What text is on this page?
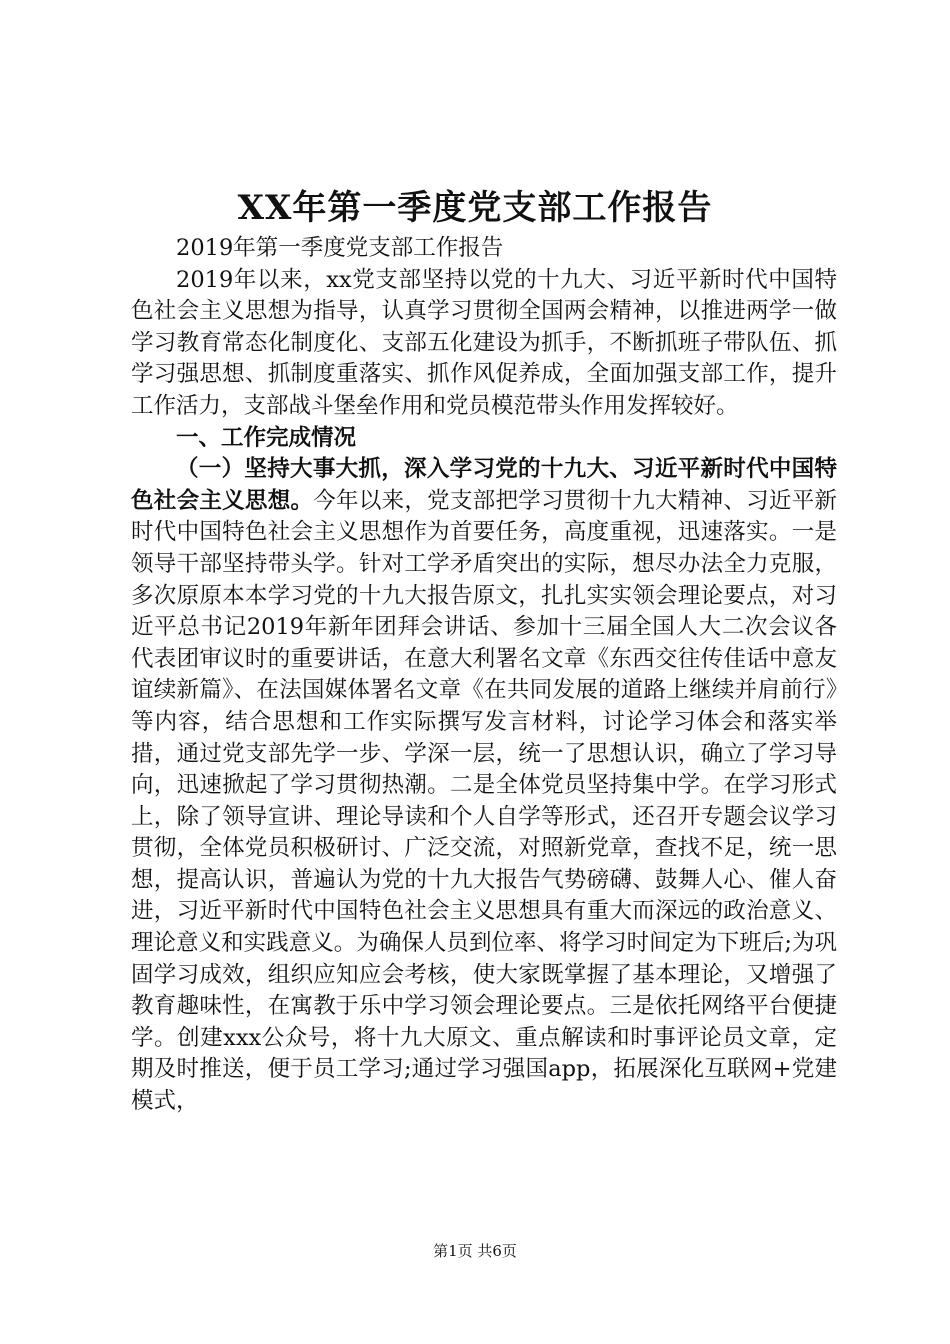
XX年第一季度党支部工作报告

2019年第一季度党支部工作报告

2019年以来，xx党支部坚持以党的十九大、习近平新时代中国特色社会主义思想为指导，认真学习贯彻全国两会精神，以推进两学一做学习教育常态化制度化、支部五化建设为抓手，不断抓班子带队伍、抓学习强思想、抓制度重落实、抓作风促养成，全面加强支部工作，提升工作活力，支部战斗堡垒作用和党员模范带头作用发挥较好。

一、工作完成情况

（一）坚持大事大抓，深入学习党的十九大、习近平新时代中国特色社会主义思想。今年以来，党支部把学习贯彻十九大精神、习近平新时代中国特色社会主义思想作为首要任务，高度重视，迅速落实。一是领导干部坚持带头学。针对工学矛盾突出的实际，想尽办法全力克服，多次原原本本学习党的十九大报告原文，扎扎实实领会理论要点，对习近平总书记2019年新年团拜会讲话、参加十三届全国人大二次会议各代表团审议时的重要讲话，在意大利署名文章《东西交往传佳话中意友谊续新篇》、在法国媒体署名文章《在共同发展的道路上继续并肩前行》等内容，结合思想和工作实际撰写发言材料，讨论学习体会和落实举措，通过党支部先学一步、学深一层，统一了思想认识，确立了学习导向，迅速掀起了学习贯彻热潮。二是全体党员坚持集中学。在学习形式上，除了领导宣讲、理论导读和个人自学等形式，还召开专题会议学习贯彻，全体党员积极研讨、广泛交流，对照新党章，查找不足，统一思想，提高认识，普遍认为党的十九大报告气势磅礴、鼓舞人心、催人奋进，习近平新时代中国特色社会主义思想具有重大而深远的政治意义、理论意义和实践意义。为确保人员到位率、将学习时间定为下班后;为巩固学习成效，组织应知应会考核，使大家既掌握了基本理论，又增强了教育趣味性，在寓教于乐中学习领会理论要点。三是依托网络平台便捷学。创建xxx公众号，将十九大原文、重点解读和时事评论员文章，定期及时推送，便于员工学习;通过学习强国app，拓展深化互联网+党建模式，

第1页 共6页
